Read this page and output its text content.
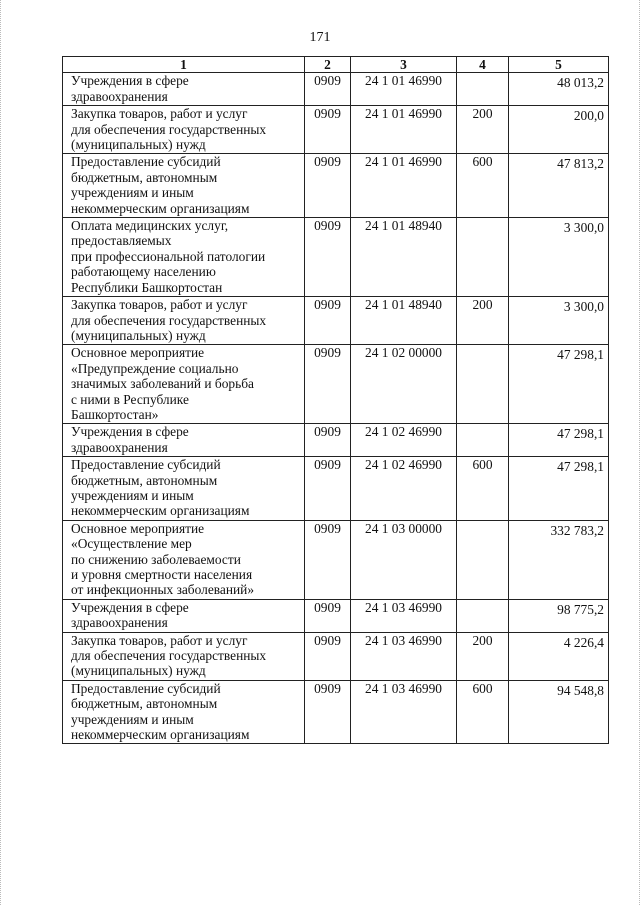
171
1	2	3	4	5
Учреждения в сфере
здравоохранения	0909	24 1 01 46990		48 013,2
Закупка товаров, работ и услуг
для обеспечения государственных
(муниципальных) нужд	0909	24 1 01 46990	200	200,0
Предоставление субсидий
бюджетным, автономным
учреждениям и иным
некоммерческим организациям	0909	24 1 01 46990	600	47 813,2
Оплата медицинских услуг,
предоставляемых
при профессиональной патологии
работающему населению
Республики Башкортостан	0909	24 1 01 48940		3 300,0
Закупка товаров, работ и услуг
для обеспечения государственных
(муниципальных) нужд	0909	24 1 01 48940	200	3 300,0
Основное мероприятие
«Предупреждение социально
значимых заболеваний и борьба
с ними в Республике
Башкортостан»	0909	24 1 02 00000		47 298,1
Учреждения в сфере
здравоохранения	0909	24 1 02 46990		47 298,1
Предоставление субсидий
бюджетным, автономным
учреждениям и иным
некоммерческим организациям	0909	24 1 02 46990	600	47 298,1
Основное мероприятие
«Осуществление мер
по снижению заболеваемости
и уровня смертности населения
от инфекционных заболеваний»	0909	24 1 03 00000		332 783,2
Учреждения в сфере
здравоохранения	0909	24 1 03 46990		98 775,2
Закупка товаров, работ и услуг
для обеспечения государственных
(муниципальных) нужд	0909	24 1 03 46990	200	4 226,4
Предоставление субсидий
бюджетным, автономным
учреждениям и иным
некоммерческим организациям	0909	24 1 03 46990	600	94 548,8
